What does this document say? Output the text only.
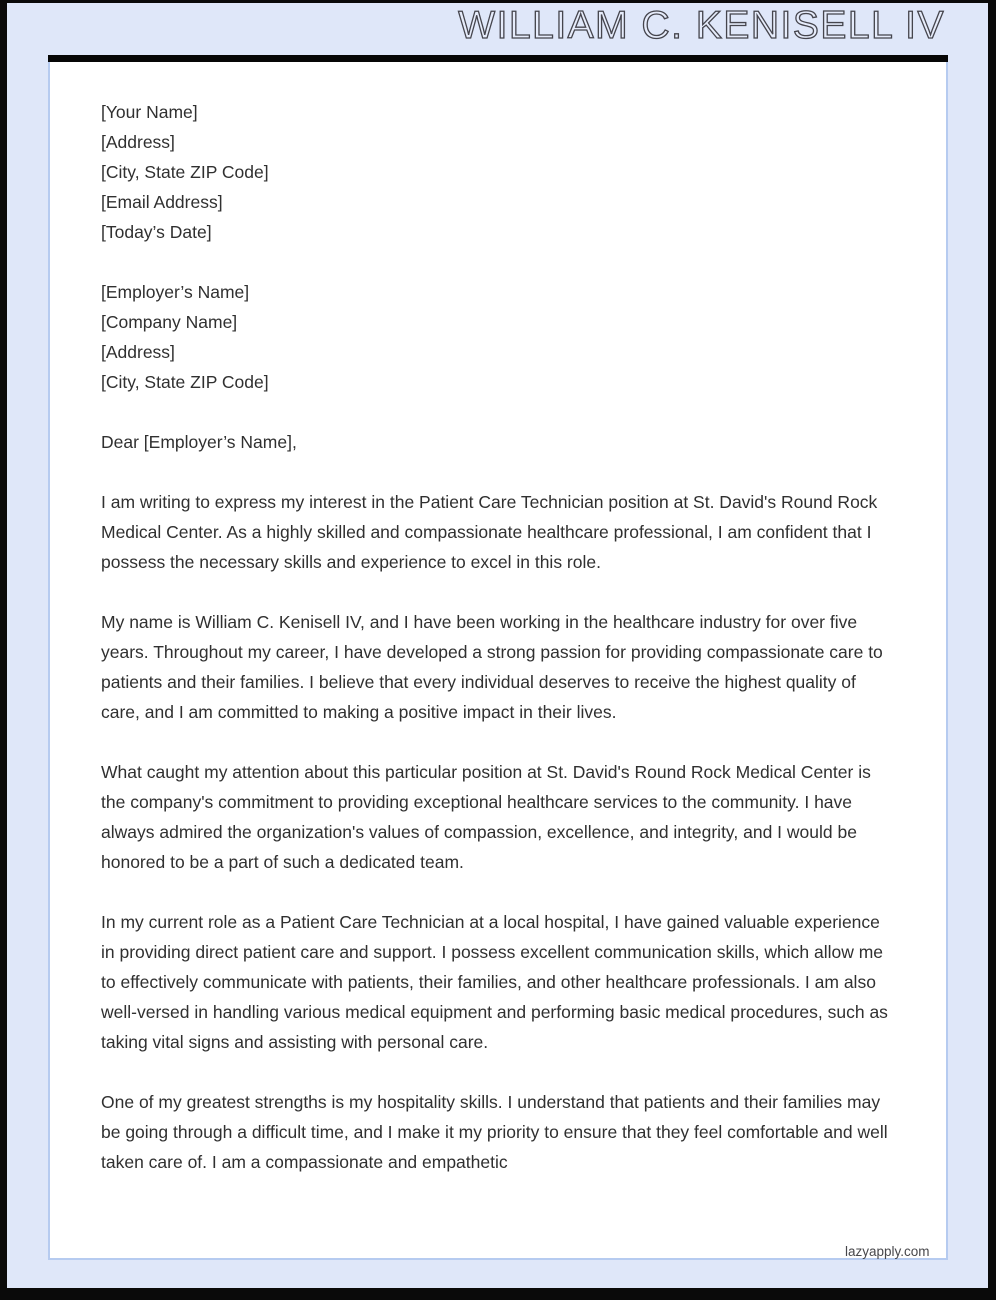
WILLIAM C. KENISELL IV

[Your Name]
[Address]
[City, State ZIP Code]
[Email Address]
[Today’s Date]

[Employer’s Name]
[Company Name]
[Address]
[City, State ZIP Code]

Dear [Employer’s Name],

I am writing to express my interest in the Patient Care Technician position at St. David's Round Rock Medical Center. As a highly skilled and compassionate healthcare professional, I am confident that I possess the necessary skills and experience to excel in this role.

My name is William C. Kenisell IV, and I have been working in the healthcare industry for over five years. Throughout my career, I have developed a strong passion for providing compassionate care to patients and their families. I believe that every individual deserves to receive the highest quality of care, and I am committed to making a positive impact in their lives.

What caught my attention about this particular position at St. David's Round Rock Medical Center is the company's commitment to providing exceptional healthcare services to the community. I have always admired the organization's values of compassion, excellence, and integrity, and I would be honored to be a part of such a dedicated team.

In my current role as a Patient Care Technician at a local hospital, I have gained valuable experience in providing direct patient care and support. I possess excellent communication skills, which allow me to effectively communicate with patients, their families, and other healthcare professionals. I am also well-versed in handling various medical equipment and performing basic medical procedures, such as taking vital signs and assisting with personal care.

One of my greatest strengths is my hospitality skills. I understand that patients and their families may be going through a difficult time, and I make it my priority to ensure that they feel comfortable and well taken care of. I am a compassionate and empathetic

lazyapply.com
